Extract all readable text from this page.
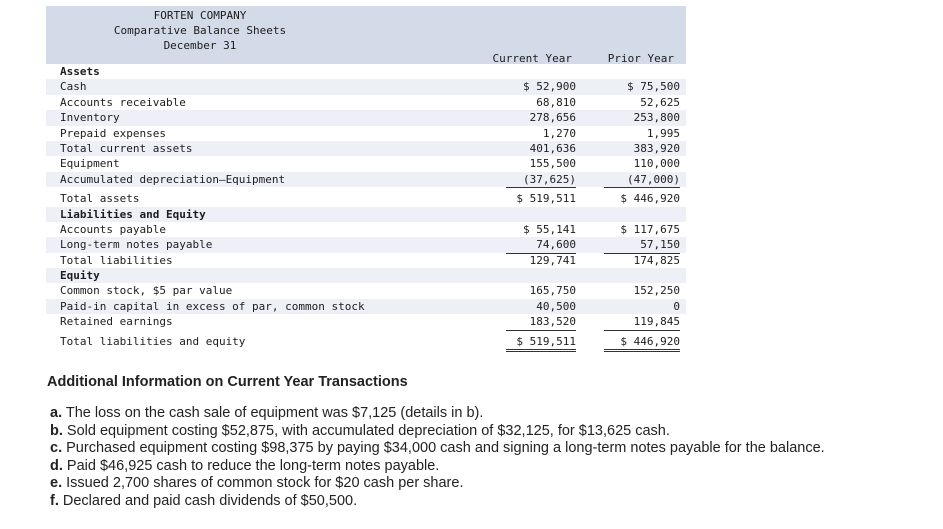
FORTEN COMPANY
Comparative Balance Sheets
December 31
Current Year	Prior Year
Assets
Cash	$ 52,900	$ 75,500
Accounts receivable	68,810	52,625
Inventory	278,656	253,800
Prepaid expenses	1,270	1,995
Total current assets	401,636	383,920
Equipment	155,500	110,000
Accumulated depreciation—Equipment	(37,625)	(47,000)
Total assets	$ 519,511	$ 446,920
Liabilities and Equity
Accounts payable	$ 55,141	$ 117,675
Long-term notes payable	74,600	57,150
Total liabilities	129,741	174,825
Equity
Common stock, $5 par value	165,750	152,250
Paid-in capital in excess of par, common stock	40,500	0
Retained earnings	183,520	119,845
Total liabilities and equity	$ 519,511	$ 446,920
Additional Information on Current Year Transactions
a. The loss on the cash sale of equipment was $7,125 (details in b).
b. Sold equipment costing $52,875, with accumulated depreciation of $32,125, for $13,625 cash.
c. Purchased equipment costing $98,375 by paying $34,000 cash and signing a long-term notes payable for the balance.
d. Paid $46,925 cash to reduce the long-term notes payable.
e. Issued 2,700 shares of common stock for $20 cash per share.
f. Declared and paid cash dividends of $50,500.
